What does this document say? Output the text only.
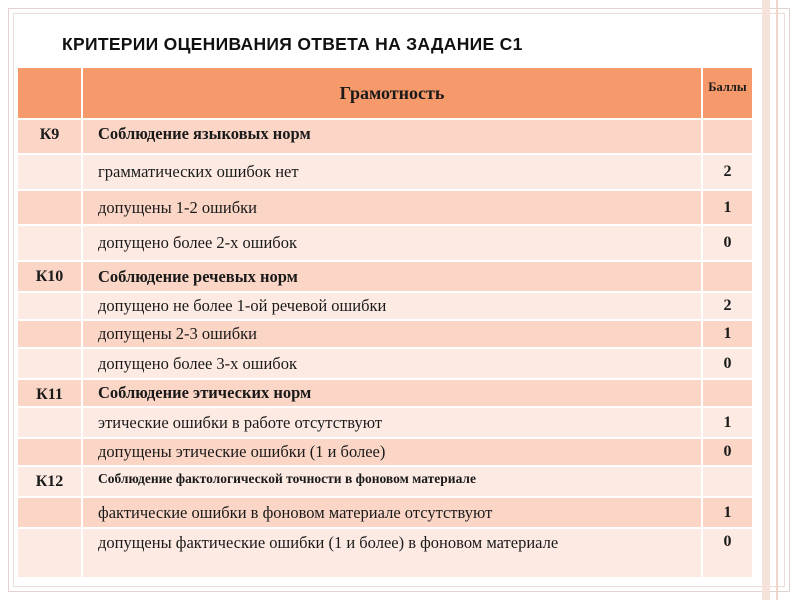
КРИТЕРИИ ОЦЕНИВАНИЯ ОТВЕТА НА ЗАДАНИЕ С1
	Грамотность	Баллы
К9	Соблюдение языковых норм	
	грамматических ошибок нет	2
	допущены 1-2 ошибки	1
	допущено более 2-х ошибок	0
К10	Соблюдение речевых норм	
	допущено не более 1-ой речевой ошибки	2
	допущены 2-3 ошибки	1
	допущено более 3-х ошибок	0
К11	Соблюдение этических норм	
	этические ошибки в работе отсутствуют	1
	допущены этические ошибки (1 и более)	0
К12	Соблюдение фактологической точности в фоновом материале	
	фактические ошибки в фоновом материале отсутствуют	1
	допущены фактические ошибки (1 и более) в фоновом материале	0
